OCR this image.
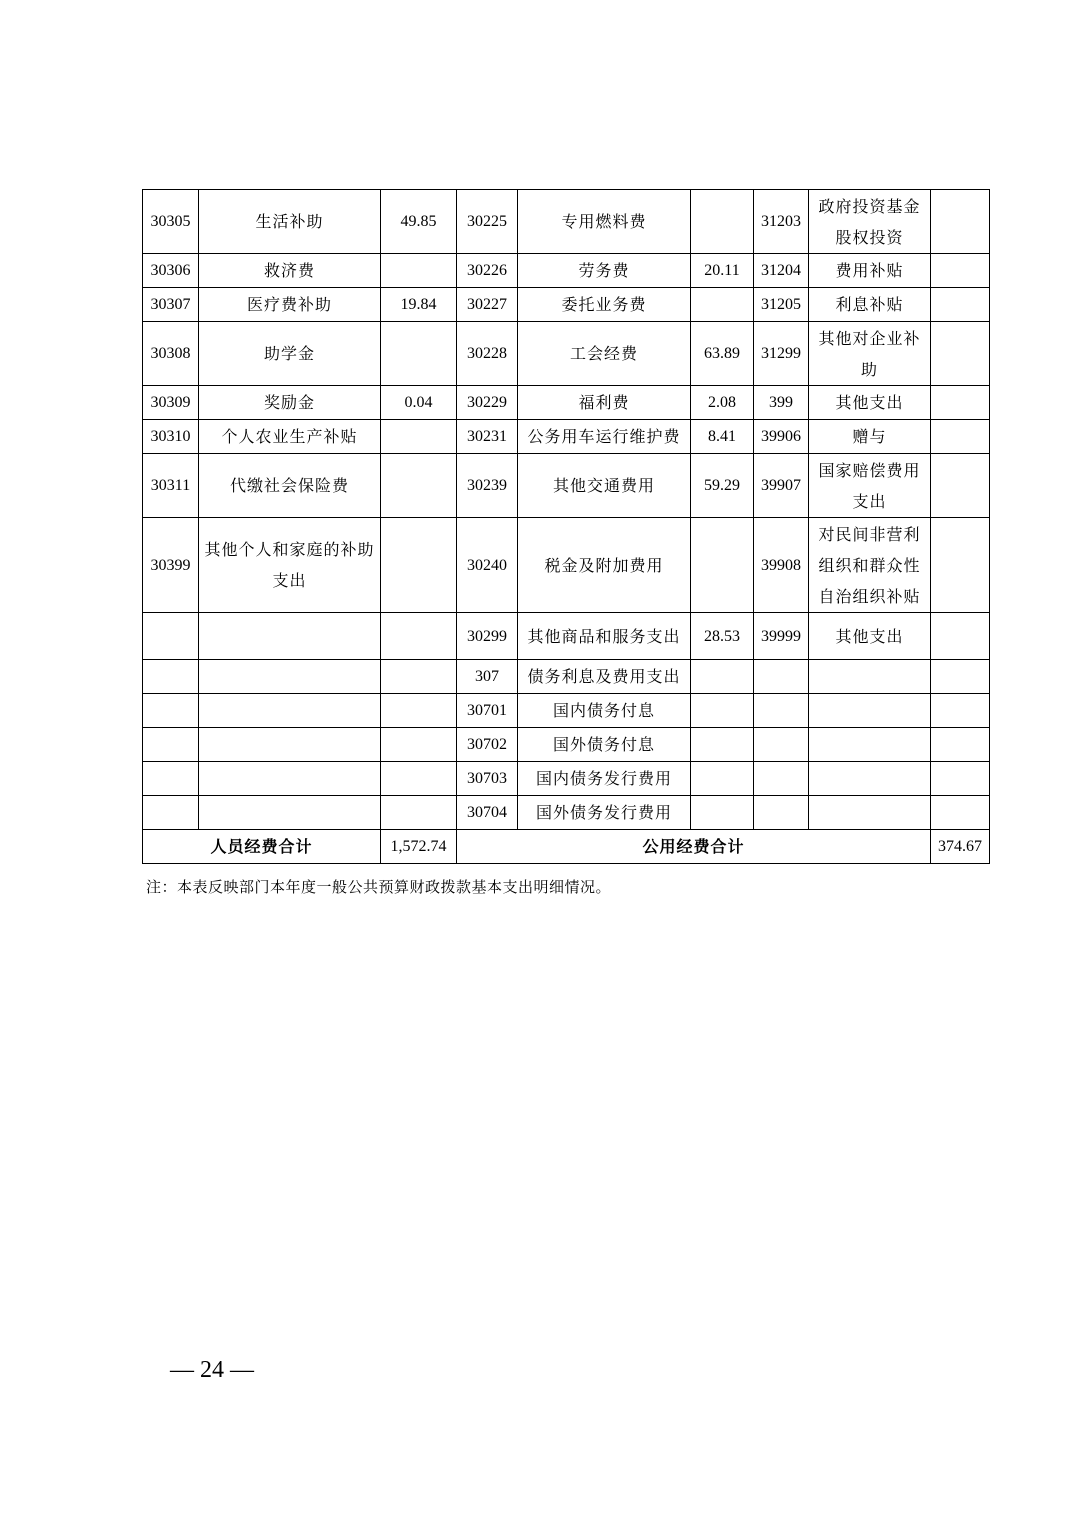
30305	生活补助	49.85	30225	专用燃料费		31203	政府投资基金股权投资	
30306	救济费		30226	劳务费	20.11	31204	费用补贴	
30307	医疗费补助	19.84	30227	委托业务费		31205	利息补贴	
30308	助学金		30228	工会经费	63.89	31299	其他对企业补助	
30309	奖励金	0.04	30229	福利费	2.08	399	其他支出	
30310	个人农业生产补贴		30231	公务用车运行维护费	8.41	39906	赠与	
30311	代缴社会保险费		30239	其他交通费用	59.29	39907	国家赔偿费用支出	
30399	其他个人和家庭的补助支出		30240	税金及附加费用		39908	对民间非营利组织和群众性自治组织补贴	
			30299	其他商品和服务支出	28.53	39999	其他支出	
			307	债务利息及费用支出				
			30701	国内债务付息				
			30702	国外债务付息				
			30703	国内债务发行费用				
			30704	国外债务发行费用				
人员经费合计		1,572.74	公用经费合计					374.67
注：本表反映部门本年度一般公共预算财政拨款基本支出明细情况。
— 24 —
